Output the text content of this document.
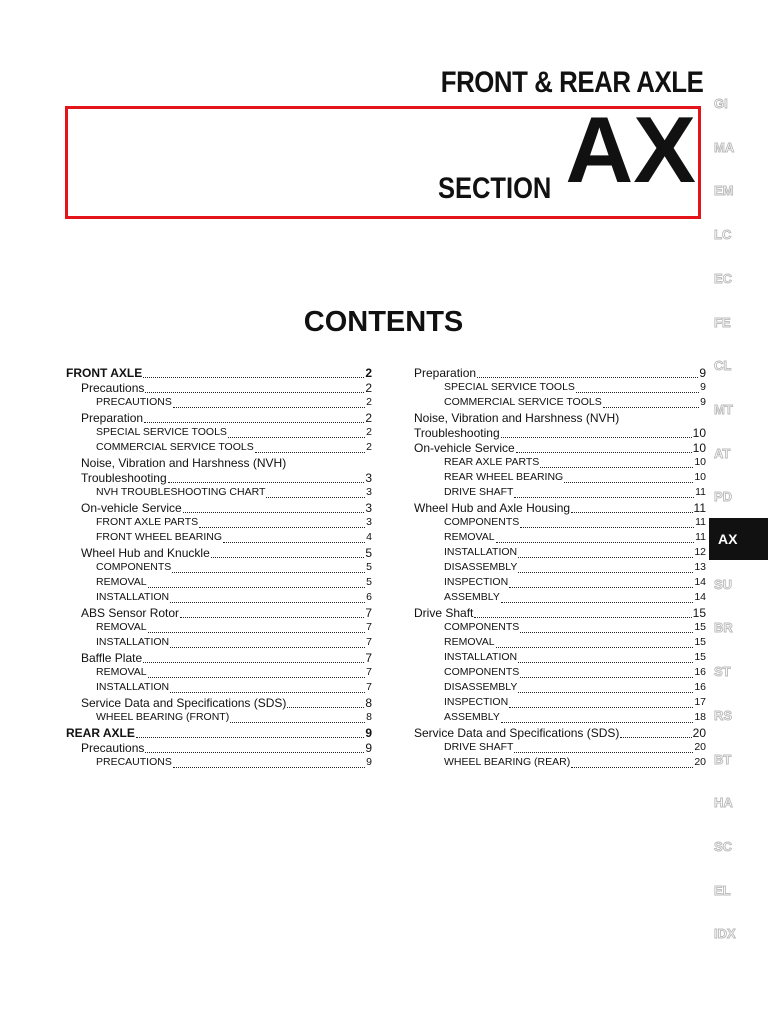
FRONT & REAR AXLE
SECTION AX
CONTENTS
FRONT AXLE	2
Precautions	2
PRECAUTIONS	2
Preparation	2
SPECIAL SERVICE TOOLS	2
COMMERCIAL SERVICE TOOLS	2
Noise, Vibration and Harshness (NVH)
Troubleshooting	3
NVH TROUBLESHOOTING CHART	3
On-vehicle Service	3
FRONT AXLE PARTS	3
FRONT WHEEL BEARING	4
Wheel Hub and Knuckle	5
COMPONENTS	5
REMOVAL	5
INSTALLATION	6
ABS Sensor Rotor	7
REMOVAL	7
INSTALLATION	7
Baffle Plate	7
REMOVAL	7
INSTALLATION	7
Service Data and Specifications (SDS)	8
WHEEL BEARING (FRONT)	8
REAR AXLE	9
Precautions	9
PRECAUTIONS	9
Preparation	9
SPECIAL SERVICE TOOLS	9
COMMERCIAL SERVICE TOOLS	9
Noise, Vibration and Harshness (NVH)
Troubleshooting	10
On-vehicle Service	10
REAR AXLE PARTS	10
REAR WHEEL BEARING	10
DRIVE SHAFT	11
Wheel Hub and Axle Housing	11
COMPONENTS	11
REMOVAL	11
INSTALLATION	12
DISASSEMBLY	13
INSPECTION	14
ASSEMBLY	14
Drive Shaft	15
COMPONENTS	15
REMOVAL	15
INSTALLATION	15
COMPONENTS	16
DISASSEMBLY	16
INSPECTION	17
ASSEMBLY	18
Service Data and Specifications (SDS)	20
DRIVE SHAFT	20
WHEEL BEARING (REAR)	20
GI
MA
EM
LC
EC
FE
CL
MT
AT
PD
AX
SU
BR
ST
RS
BT
HA
SC
EL
IDX
